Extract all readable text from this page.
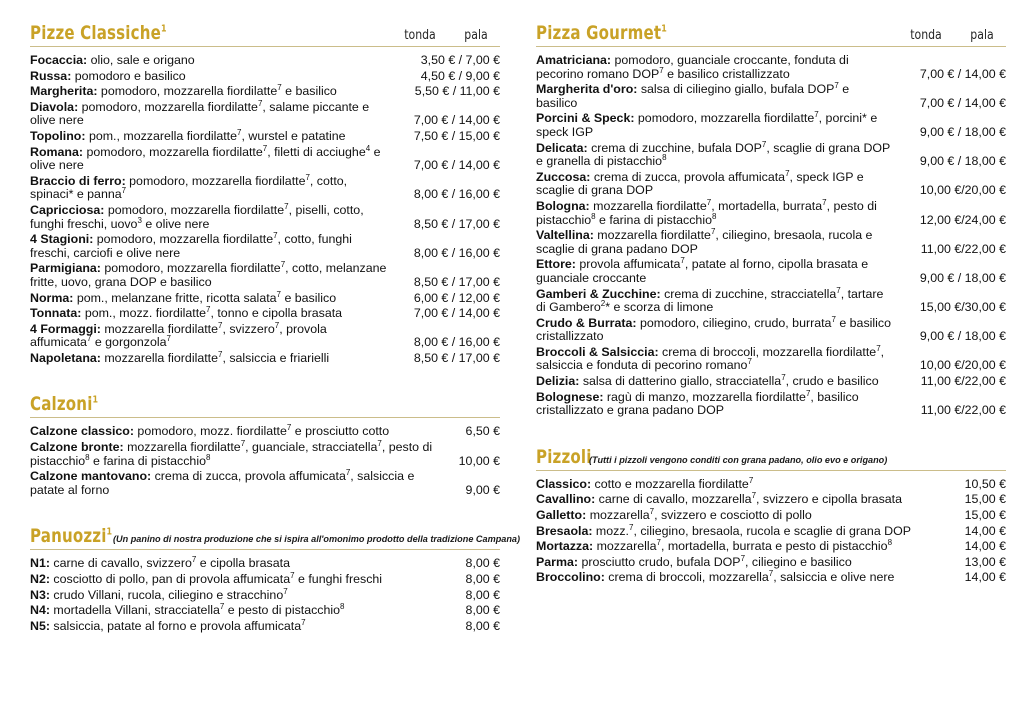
Pizze Classiche$^1$	tonda	pala
Focaccia: olio, sale e origano	3,50 € / 7,00 €
Russa: pomodoro e basilico	4,50 € / 9,00 €
Margherita: pomodoro, mozzarella fiordilatte$^7$ e basilico	5,50 € / 11,00 €
Diavola: pomodoro, mozzarella fiordilatte$^7$, salame piccante e olive nere	7,00 € / 14,00 €
Topolino: pom., mozzarella fiordilatte$^7$, wurstel e patatine	7,50 € / 15,00 €
Romana: pomodoro, mozzarella fiordilatte$^7$, filetti di acciughe$^4$ e olive nere	7,00 € / 14,00 €
Braccio di ferro: pomodoro, mozzarella fiordilatte$^7$, cotto, spinaci* e panna$^7$	8,00 € / 16,00 €
Capricciosa: pomodoro, mozzarella fiordilatte$^7$, piselli, cotto, funghi freschi, uovo$^3$ e olive nere	8,50 € / 17,00 €
4 Stagioni: pomodoro, mozzarella fiordilatte$^7$, cotto, funghi freschi, carciofi e olive nere	8,00 € / 16,00 €
Parmigiana: pomodoro, mozzarella fiordilatte$^7$, cotto, melanzane fritte, uovo, grana DOP e basilico	8,50 € / 17,00 €
Norma: pom., melanzane fritte, ricotta salata$^7$ e basilico	6,00 € / 12,00 €
Tonnata: pom., mozz. fiordilatte$^7$, tonno e cipolla brasata	7,00 € / 14,00 €
4 Formaggi: mozzarella fiordilatte$^7$, svizzero$^7$, provola affumicata$^7$ e gorgonzola$^7$	8,00 € / 16,00 €
Napoletana: mozzarella fiordilatte$^7$, salsiccia e friarielli	8,50 € / 17,00 €
Calzoni$^1$
Calzone classico: pomodoro, mozz. fiordilatte$^7$ e prosciutto cotto	6,50 €
Calzone bronte: mozzarella fiordilatte$^7$, guanciale, stracciatella$^7$, pesto di pistacchio$^8$ e farina di pistacchio$^8$	10,00 €
Calzone mantovano: crema di zucca, provola affumicata$^7$, salsiccia e patate al forno	9,00 €
Panuozzi$^1$
(Un panino di nostra produzione che si ispira all'omonimo prodotto della tradizione Campana)
N1: carne di cavallo, svizzero$^7$ e cipolla brasata	8,00 €
N2: cosciotto di pollo, pan di provola affumicata$^7$ e funghi freschi	8,00 €
N3: crudo Villani, rucola, ciliegino e stracchino$^7$	8,00 €
N4: mortadella Villani, stracciatella$^7$ e pesto di pistacchio$^8$	8,00 €
N5: salsiccia, patate al forno e provola affumicata$^7$	8,00 €
Pizza Gourmet$^1$	tonda	pala
Amatriciana: pomodoro, guanciale croccante, fonduta di pecorino romano DOP$^7$ e basilico cristallizzato	7,00 € / 14,00 €
Margherita d'oro: salsa di ciliegino giallo, bufala DOP$^7$ e basilico	7,00 € / 14,00 €
Porcini & Speck: pomodoro, mozzarella fiordilatte$^7$, porcini* e speck IGP	9,00 € / 18,00 €
Delicata: crema di zucchine, bufala DOP$^7$, scaglie di grana DOP e granella di pistacchio$^8$	9,00 € / 18,00 €
Zuccosa: crema di zucca, provola affumicata$^7$, speck IGP e scaglie di grana DOP	10,00 €/20,00 €
Bologna: mozzarella fiordilatte$^7$, mortadella, burrata$^7$, pesto di pistacchio$^8$ e farina di pistacchio$^8$	12,00 €/24,00 €
Valtellina: mozzarella fiordilatte$^7$, ciliegino, bresaola, rucola e scaglie di grana padano DOP	11,00 €/22,00 €
Ettore: provola affumicata$^7$, patate al forno, cipolla brasata e guanciale croccante	9,00 € / 18,00 €
Gamberi & Zucchine: crema di zucchine, stracciatella$^7$, tartare di Gambero$^2$* e scorza di limone	15,00 €/30,00 €
Crudo & Burrata: pomodoro, ciliegino, crudo, burrata$^7$ e basilico cristallizzato	9,00 € / 18,00 €
Broccoli & Salsiccia: crema di broccoli, mozzarella fiordilatte$^7$, salsiccia e fonduta di pecorino romano$^7$	10,00 €/20,00 €
Delizia: salsa di datterino giallo, stracciatella$^7$, crudo e basilico	11,00 €/22,00 €
Bolognese: ragù di manzo, mozzarella fiordilatte$^7$, basilico cristallizzato e grana padano DOP	11,00 €/22,00 €
Pizzoli
(Tutti i pizzoli vengono conditi con grana padano, olio evo e origano)
Classico: cotto e mozzarella fiordilatte$^7$	10,50 €
Cavallino: carne di cavallo, mozzarella$^7$, svizzero e cipolla brasata	15,00 €
Galletto: mozzarella$^7$, svizzero e cosciotto di pollo	15,00 €
Bresaola: mozz.$^7$, ciliegino, bresaola, rucola e scaglie di grana DOP	14,00 €
Mortazza: mozzarella$^7$, mortadella, burrata e pesto di pistacchio$^8$	14,00 €
Parma: prosciutto crudo, bufala DOP$^7$, ciliegino e basilico	13,00 €
Broccolino: crema di broccoli, mozzarella$^7$, salsiccia e olive nere	14,00 €
